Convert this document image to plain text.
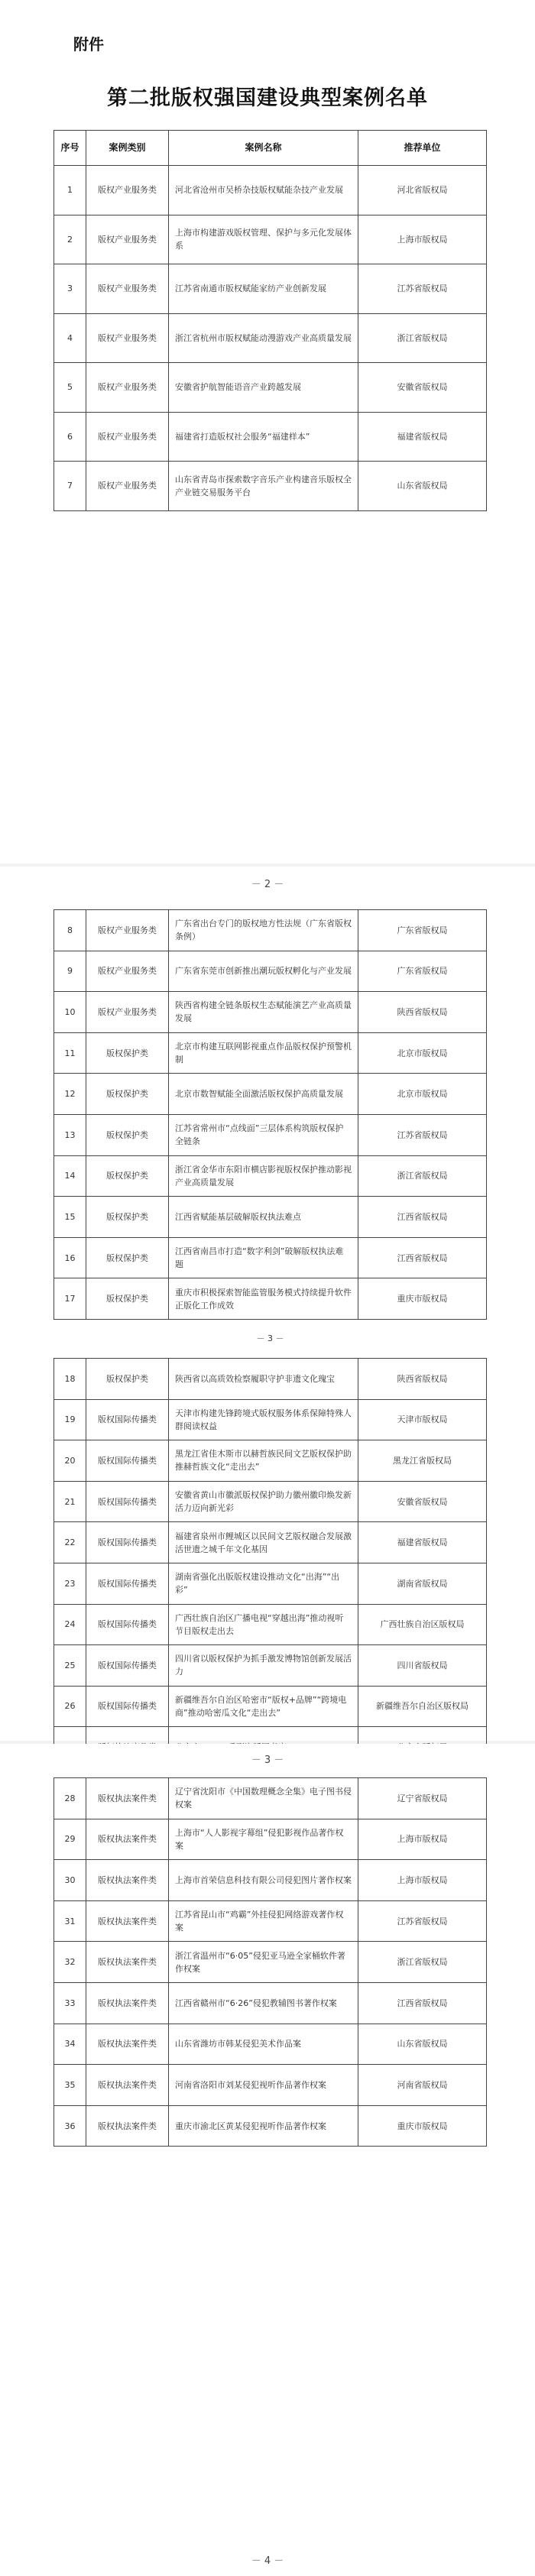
附件
第二批版权强国建设典型案例名单
序号	案例类别	案例名称	推荐单位
1	版权产业服务类	河北省沧州市吴桥杂技版权赋能杂技产业发展	河北省版权局
2	版权产业服务类	上海市构建游戏版权管理、保护与多元化发展体系	上海市版权局
3	版权产业服务类	江苏省南通市版权赋能家纺产业创新发展	江苏省版权局
4	版权产业服务类	浙江省杭州市版权赋能动漫游戏产业高质量发展	浙江省版权局
5	版权产业服务类	安徽省护航智能语音产业跨越发展	安徽省版权局
6	版权产业服务类	福建省打造版权社会服务“福建样本”	福建省版权局
7	版权产业服务类	山东省青岛市探索数字音乐产业构建音乐版权全产业链交易服务平台	山东省版权局
－ 2 －
8	版权产业服务类	广东省出台专门的版权地方性法规（广东省版权条例）	广东省版权局
9	版权产业服务类	广东省东莞市创新推出潮玩版权孵化与产业发展	广东省版权局
10	版权产业服务类	陕西省构建全链条版权生态赋能演艺产业高质量发展	陕西省版权局
11	版权保护类	北京市构建互联网影视重点作品版权保护预警机制	北京市版权局
12	版权保护类	北京市数智赋能全面激活版权保护高质量发展	北京市版权局
13	版权保护类	江苏省常州市“点线面”三层体系构筑版权保护全链条	江苏省版权局
14	版权保护类	浙江省金华市东阳市横店影视版权保护推动影视产业高质量发展	浙江省版权局
15	版权保护类	江西省赋能基层破解版权执法难点	江西省版权局
16	版权保护类	江西省南昌市打造“数字利剑”破解版权执法难题	江西省版权局
17	版权保护类	重庆市积极探索智能监管服务模式持续提升软件正版化工作成效	重庆市版权局
－ 3 －			
18	版权保护类	陕西省以高质效检察履职守护非遗文化瑰宝	陕西省版权局
19	版权国际传播类	天津市构建先锋跨境式版权服务体系保障特殊人群阅读权益	天津市版权局
20	版权国际传播类	黑龙江省佳木斯市以赫哲族民间文艺版权保护助推赫哲族文化“走出去”	黑龙江省版权局
21	版权国际传播类	安徽省黄山市徽派版权保护助力徽州徽印焕发新活力迈向新光彩	安徽省版权局
22	版权国际传播类	福建省泉州市鲤城区以民间文艺版权融合发展激活世遗之城千年文化基因	福建省版权局
23	版权国际传播类	湖南省强化出版版权建设推动文化“出海”“出彩”	湖南省版权局
24	版权国际传播类	广西壮族自治区广播电视“穿越出海”推动视听节目版权走出去	广西壮族自治区版权局
25	版权国际传播类	四川省以版权保护为抓手激发博物馆创新发展活力	四川省版权局
26	版权国际传播类	新疆维吾尔自治区哈密市“版权+品牌”“跨境电商”推动哈密瓜文化“走出去”	新疆维吾尔自治区版权局

－ 3 －
28	版权执法案件类	辽宁省沈阳市《中国数理概念全集》电子图书侵权案	辽宁省版权局
29	版权执法案件类	上海市“人人影视字幕组”侵犯影视作品著作权案	上海市版权局
30	版权执法案件类	上海市首荣信息科技有限公司侵犯图片著作权案	上海市版权局
31	版权执法案件类	江苏省昆山市“鸡霸”外挂侵犯网络游戏著作权案	江苏省版权局
32	版权执法案件类	浙江省温州市“6·05”侵犯亚马逊全家桶软件著作权案	浙江省版权局
33	版权执法案件类	江西省赣州市“6·26”侵犯教辅图书著作权案	江西省版权局
34	版权执法案件类	山东省潍坊市韩某侵犯美术作品案	山东省版权局
35	版权执法案件类	河南省洛阳市刘某侵犯视听作品著作权案	河南省版权局
36	版权执法案件类	重庆市渝北区黄某侵犯视听作品著作权案	重庆市版权局
－ 4 －
